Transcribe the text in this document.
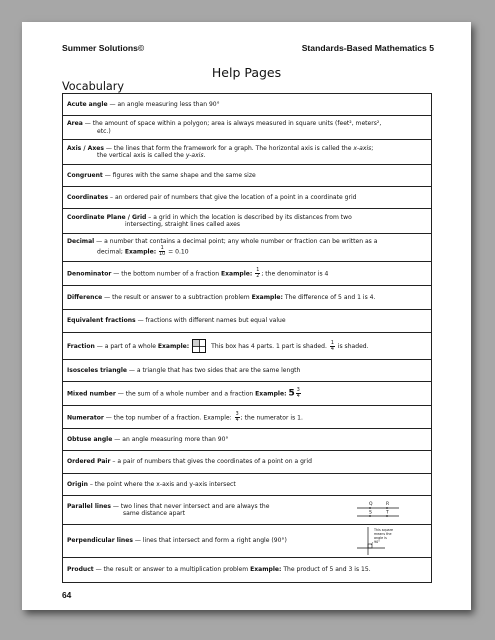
Summer Solutions©	Standards-Based Mathematics 5
Help Pages
Vocabulary
Acute angle — an angle measuring less than 90°
Area — the amount of space within a polygon; area is always measured in square units (feet², meters²,
etc.)
Axis / Axes — the lines that form the framework for a graph. The horizontal axis is called the x-axis;
the vertical axis is called the y-axis.
Congruent — figures with the same shape and the same size
Coordinates – an ordered pair of numbers that give the location of a point in a coordinate grid
Coordinate Plane / Grid – a grid in which the location is described by its distances from two
intersecting, straight lines called axes
Decimal — a number that contains a decimal point; any whole number or fraction can be written as a
decimal; Example: $\frac{1}{10} = 0.10$
Denominator — the bottom number of a fraction Example: $\frac{1}{2}$ ; the denominator is 4
Difference — the result or answer to a subtraction problem Example: The difference of 5 and 1 is 4.
Equivalent fractions — fractions with different names but equal value
Fraction — a part of a whole Example:	This box has 4 parts. 1 part is shaded. $\frac{1}{4}$ is shaded.
Isosceles triangle — a triangle that has two sides that are the same length
Mixed number — the sum of a whole number and a fraction Example: $5 \frac{3}{4}$
Numerator — the top number of a fraction. Example: $\frac{3}{4}$ ; the numerator is 1.
Obtuse angle — an angle measuring more than 90°
Ordered Pair – a pair of numbers that gives the coordinates of a point on a grid
Origin – the point where the x-axis and y-axis intersect
Parallel lines — two lines that never intersect and are always the
same distance apart
Q	R
S	T
Perpendicular lines — lines that intersect and form a right angle (90°)
This square
means the
angle is
90°
Product — the result or answer to a multiplication problem Example: The product of 5 and 3 is 15.
64
